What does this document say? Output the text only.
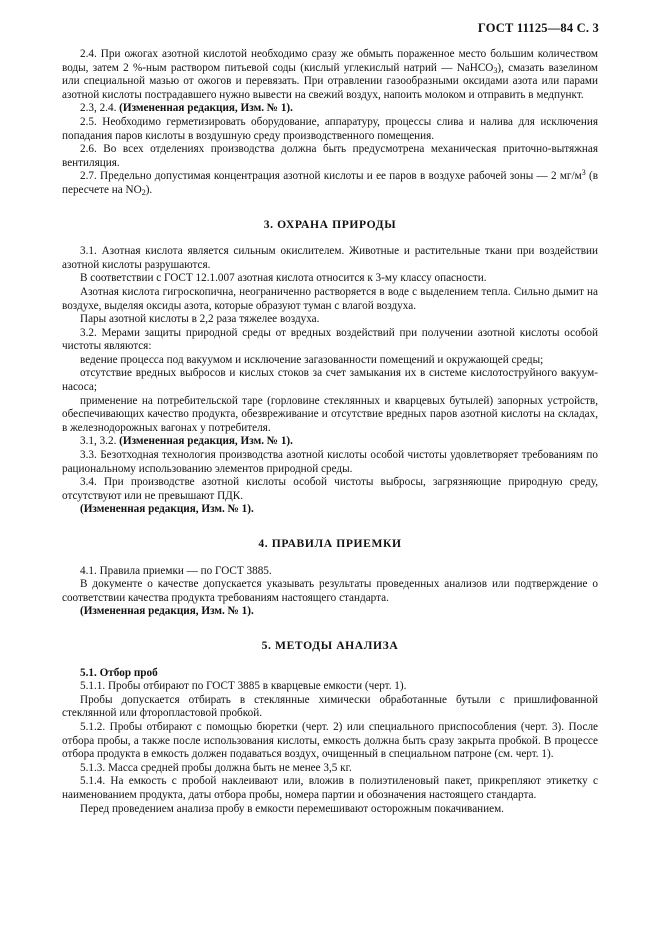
ГОСТ 11125—84 С. 3

2.4. При ожогах азотной кислотой необходимо сразу же обмыть пораженное место большим количеством воды, затем 2 %-ным раствором питьевой соды (кислый углекислый натрий — NaHCO$_3$), смазать вазелином или специальной мазью от ожогов и перевязать. При отравлении газообразными оксидами азота или парами азотной кислоты пострадавшего нужно вывести на свежий воздух, напоить молоком и отправить в медпункт.

2.3, 2.4. (Измененная редакция, Изм. № 1).

2.5. Необходимо герметизировать оборудование, аппаратуру, процессы слива и налива для исключения попадания паров кислоты в воздушную среду производственного помещения.

2.6. Во всех отделениях производства должна быть предусмотрена механическая приточно-вытяжная вентиляция.

2.7. Предельно допустимая концентрация азотной кислоты и ее паров в воздухе рабочей зоны — 2 $мг/м^3$ (в пересчете на $NO_2$).

3. ОХРАНА ПРИРОДЫ

3.1. Азотная кислота является сильным окислителем. Животные и растительные ткани при воздействии азотной кислоты разрушаются.

В соответствии с ГОСТ 12.1.007 азотная кислота относится к 3-му классу опасности.

Азотная кислота гигроскопична, неограниченно растворяется в воде с выделением тепла. Сильно дымит на воздухе, выделяя оксиды азота, которые образуют туман с влагой воздуха.

Пары азотной кислоты в 2,2 раза тяжелее воздуха.

3.2. Мерами защиты природной среды от вредных воздействий при получении азотной кислоты особой чистоты являются:

ведение процесса под вакуумом и исключение загазованности помещений и окружающей среды;

отсутствие вредных выбросов и кислых стоков за счет замыкания их в системе кислотоструйного вакуум-насоса;

применение на потребительской таре (горловине стеклянных и кварцевых бутылей) запорных устройств, обеспечивающих качество продукта, обезвреживание и отсутствие вредных паров азотной кислоты на складах, в железнодорожных вагонах у потребителя.

3.1, 3.2. (Измененная редакция, Изм. № 1).

3.3. Безотходная технология производства азотной кислоты особой чистоты удовлетворяет требованиям по рациональному использованию элементов природной среды.

3.4. При производстве азотной кислоты особой чистоты выбросы, загрязняющие природную среду, отсутствуют или не превышают ПДК.

(Измененная редакция, Изм. № 1).

4. ПРАВИЛА ПРИЕМКИ

4.1. Правила приемки — по ГОСТ 3885.

В документе о качестве допускается указывать результаты проведенных анализов или подтверждение о соответствии качества продукта требованиям настоящего стандарта.

(Измененная редакция, Изм. № 1).

5. МЕТОДЫ АНАЛИЗА

5.1. Отбор проб

5.1.1. Пробы отбирают по ГОСТ 3885 в кварцевые емкости (черт. 1).

Пробы допускается отбирать в стеклянные химически обработанные бутыли с пришлифованной стеклянной или фторопластовой пробкой.

5.1.2. Пробы отбирают с помощью бюретки (черт. 2) или специального приспособления (черт. 3). После отбора пробы, а также после использования кислоты, емкость должна быть сразу закрыта пробкой. В процессе отбора продукта в емкость должен подаваться воздух, очищенный в специальном патроне (см. черт. 1).

5.1.3. Масса средней пробы должна быть не менее 3,5 кг.

5.1.4. На емкость с пробой наклеивают или, вложив в полиэтиленовый пакет, прикрепляют этикетку с наименованием продукта, даты отбора пробы, номера партии и обозначения настоящего стандарта.

Перед проведением анализа пробу в емкости перемешивают осторожным покачиванием.
